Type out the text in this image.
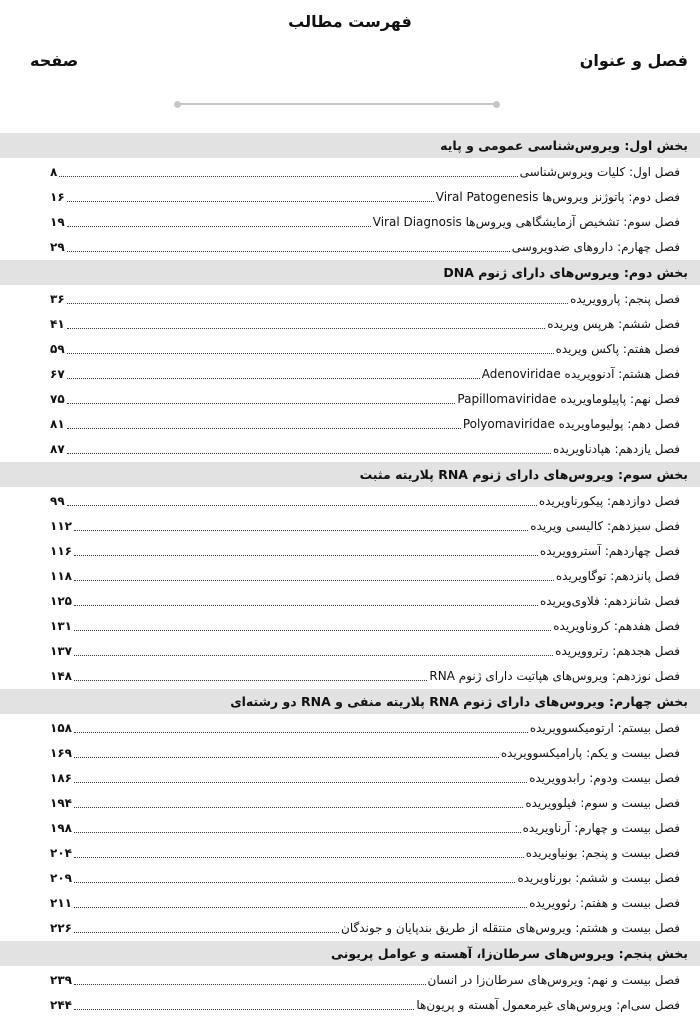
فهرست مطالب
فصل و عنوان
صفحه
بخش اول: ویروس‌شناسی عمومی و پایه
فصل اول: کلیات ویروس‌شناسی
۸
فصل دوم: پاتوژنز ویروس‌ها Viral Patogenesis
۱۶
فصل سوم: تشخیص آزمایشگاهی ویروس‌ها Viral Diagnosis
۱۹
فصل چهارم: داروهای ضدویروسی
۲۹
بخش دوم: ویروس‌های دارای ژنوم DNA
فصل پنجم: پاروویریده
۳۶
فصل ششم: هرپس ویریده
۴۱
فصل هفتم: پاکس ویریده
۵۹
فصل هشتم: آدنوویریده Adenoviridae
۶۷
فصل نهم: پاپیلوماویریده Papillomaviridae
۷۵
فصل دهم: پولیوماویریده Polyomaviridae
۸۱
فصل یازدهم: هپادناویریده
۸۷
بخش سوم: ویروس‌های دارای ژنوم RNA پلاریته مثبت
فصل دوازدهم: پیکورناویریده
۹۹
فصل سیزدهم: کالیسی ویریده
۱۱۲
فصل چهاردهم: آستروویریده
۱۱۶
فصل پانزدهم: توگاویریده
۱۱۸
فصل شانزدهم: فلاوی‌ویریده
۱۲۵
فصل هفدهم: کروناویریده
۱۳۱
فصل هجدهم: رتروویریده
۱۳۷
فصل نوزدهم: ویروس‌های هپاتیت دارای ژنوم RNA
۱۴۸
بخش چهارم: ویروس‌های دارای ژنوم RNA پلاریته منفی و RNA دو رشته‌ای
فصل بیستم: ارتومیکسوویریده
۱۵۸
فصل بیست و یکم: پارامیکسوویریده
۱۶۹
فصل بیست ودوم: رابدوویریده
۱۸۶
فصل بیست و سوم: فیلوویریده
۱۹۴
فصل بیست و چهارم: آرناویریده
۱۹۸
فصل بیست و پنجم: بونیاویریده
۲۰۴
فصل بیست و ششم: بورناویریده
۲۰۹
فصل بیست و هفتم: رئوویریده
۲۱۱
فصل بیست و هشتم: ویروس‌های منتقله از طریق بندپایان و جوندگان
۲۲۶
بخش پنجم: ویروس‌های سرطان‌زا، آهسته و عوامل پریونی
فصل بیست و نهم: ویروس‌های سرطان‌زا در انسان
۲۳۹
فصل سی‌ام: ویروس‌های غیرمعمول آهسته و پریون‌ها
۲۴۴
